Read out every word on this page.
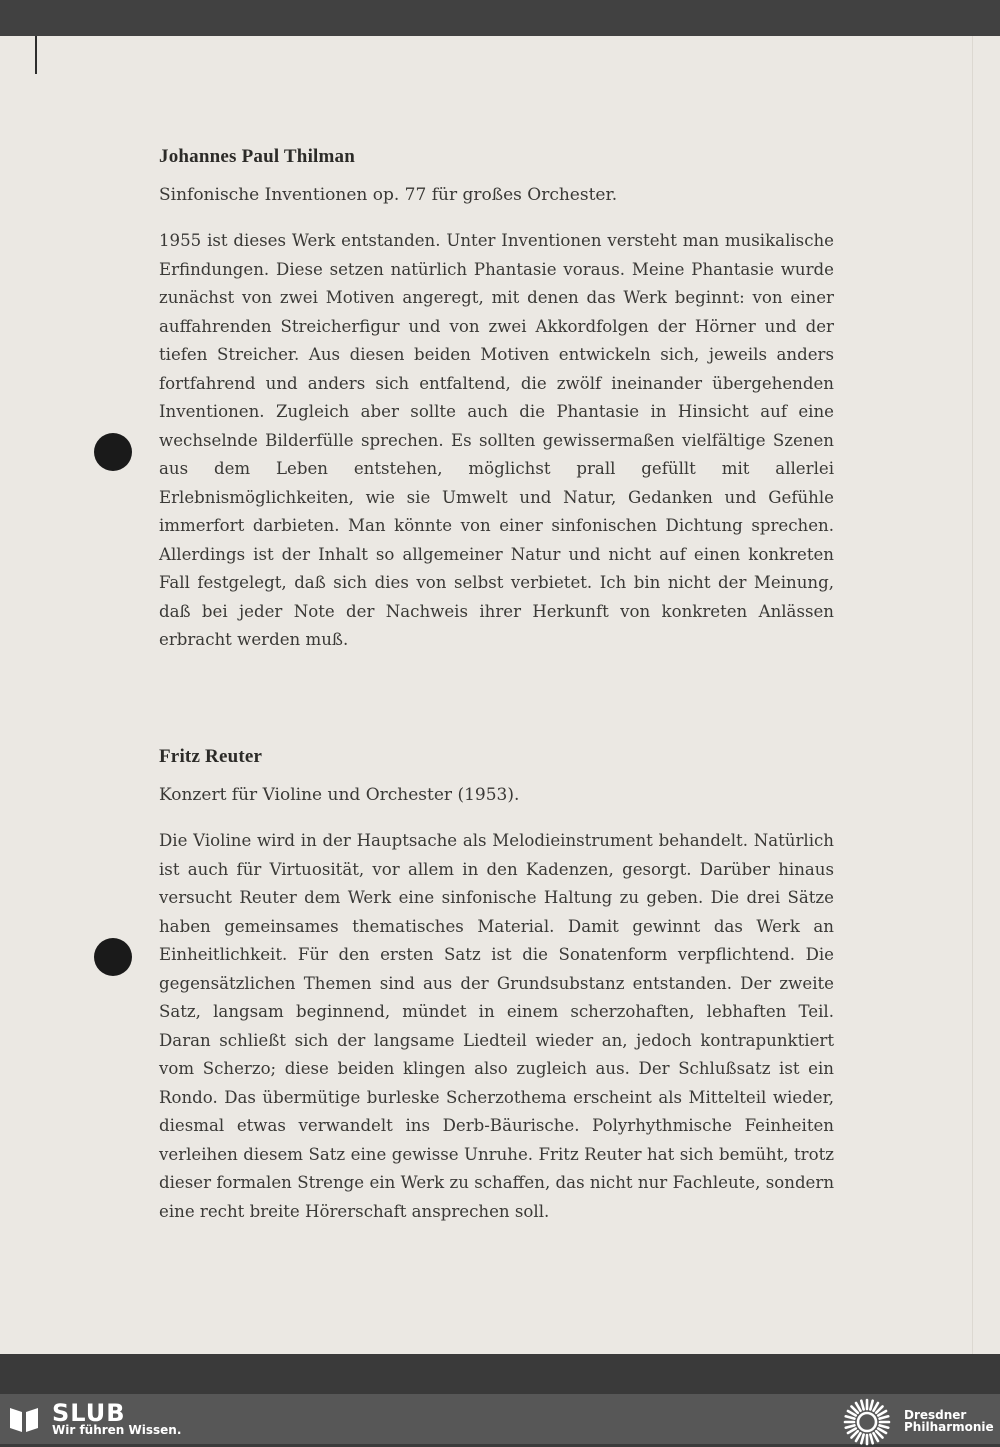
Johannes Paul Thilman

Sinfonische Inventionen op. 77 für großes Orchester.

1955 ist dieses Werk entstanden. Unter Inventionen versteht man musikalische Erfindungen. Diese setzen natürlich Phantasie voraus. Meine Phantasie wurde zunächst von zwei Motiven angeregt, mit denen das Werk beginnt: von einer auffahrenden Streicherfigur und von zwei Akkordfolgen der Hörner und der tiefen Streicher. Aus diesen beiden Motiven entwickeln sich, jeweils anders fortfahrend und anders sich entfaltend, die zwölf ineinander übergehenden Inventionen. Zugleich aber sollte auch die Phantasie in Hinsicht auf eine wechselnde Bilderfülle sprechen. Es sollten gewissermaßen vielfältige Szenen aus dem Leben entstehen, möglichst prall gefüllt mit allerlei Erlebnismöglichkeiten, wie sie Umwelt und Natur, Gedanken und Gefühle immerfort darbieten. Man könnte von einer sinfonischen Dichtung sprechen. Allerdings ist der Inhalt so allgemeiner Natur und nicht auf einen konkreten Fall festgelegt, daß sich dies von selbst verbietet. Ich bin nicht der Meinung, daß bei jeder Note der Nachweis ihrer Herkunft von konkreten Anlässen erbracht werden muß.

Fritz Reuter

Konzert für Violine und Orchester (1953).

Die Violine wird in der Hauptsache als Melodieinstrument behandelt. Natürlich ist auch für Virtuosität, vor allem in den Kadenzen, gesorgt. Darüber hinaus versucht Reuter dem Werk eine sinfonische Haltung zu geben. Die drei Sätze haben gemeinsames thematisches Material. Damit gewinnt das Werk an Einheitlichkeit. Für den ersten Satz ist die Sonatenform verpflichtend. Die gegensätzlichen Themen sind aus der Grundsubstanz entstanden. Der zweite Satz, langsam beginnend, mündet in einem scherzohaften, lebhaften Teil. Daran schließt sich der langsame Liedteil wieder an, jedoch kontrapunktiert vom Scherzo; diese beiden klingen also zugleich aus. Der Schlußsatz ist ein Rondo. Das übermütige burleske Scherzothema erscheint als Mittelteil wieder, diesmal etwas verwandelt ins Derb-Bäurische. Polyrhythmische Feinheiten verleihen diesem Satz eine gewisse Unruhe. Fritz Reuter hat sich bemüht, trotz dieser formalen Strenge ein Werk zu schaffen, das nicht nur Fachleute, sondern eine recht breite Hörerschaft ansprechen soll.

SLUB
Wir führen Wissen.
Dresdner
Philharmonie
